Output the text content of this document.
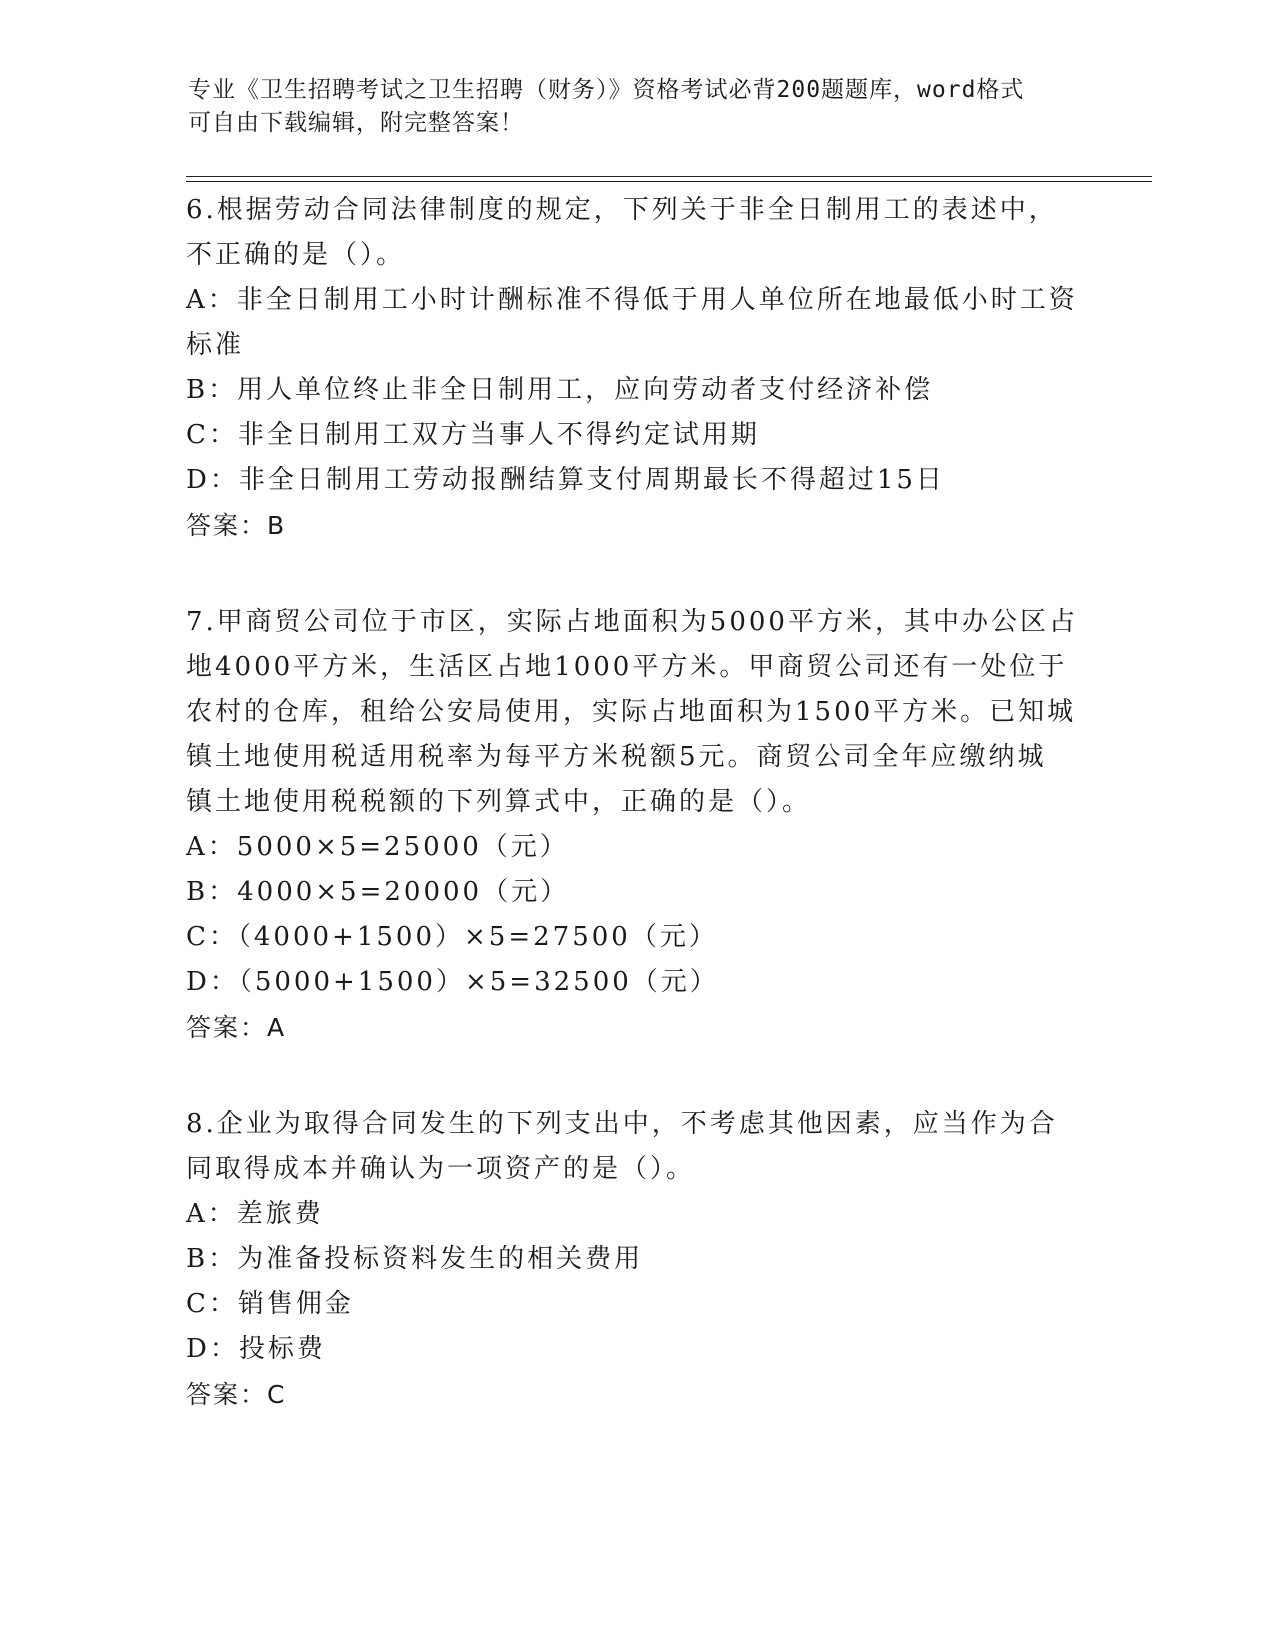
专业《卫生招聘考试之卫生招聘（财务）》资格考试必背200题题库，word格式
可自由下载编辑，附完整答案！
6.根据劳动合同法律制度的规定，下列关于非全日制用工的表述中，
不正确的是（）。
A：非全日制用工小时计酬标准不得低于用人单位所在地最低小时工资
标准
B：用人单位终止非全日制用工，应向劳动者支付经济补偿
C：非全日制用工双方当事人不得约定试用期
D：非全日制用工劳动报酬结算支付周期最长不得超过15日
答案：B
7.甲商贸公司位于市区，实际占地面积为5000平方米，其中办公区占
地4000平方米，生活区占地1000平方米。甲商贸公司还有一处位于
农村的仓库，租给公安局使用，实际占地面积为1500平方米。已知城
镇土地使用税适用税率为每平方米税额5元。商贸公司全年应缴纳城
镇土地使用税税额的下列算式中，正确的是（）。
A：5000×5=25000（元）
B：4000×5=20000（元）
C：（4000+1500）×5=27500（元）
D：（5000+1500）×5=32500（元）
答案：A
8.企业为取得合同发生的下列支出中，不考虑其他因素，应当作为合
同取得成本并确认为一项资产的是（）。
A：差旅费
B：为准备投标资料发生的相关费用
C：销售佣金
D：投标费
答案：C
